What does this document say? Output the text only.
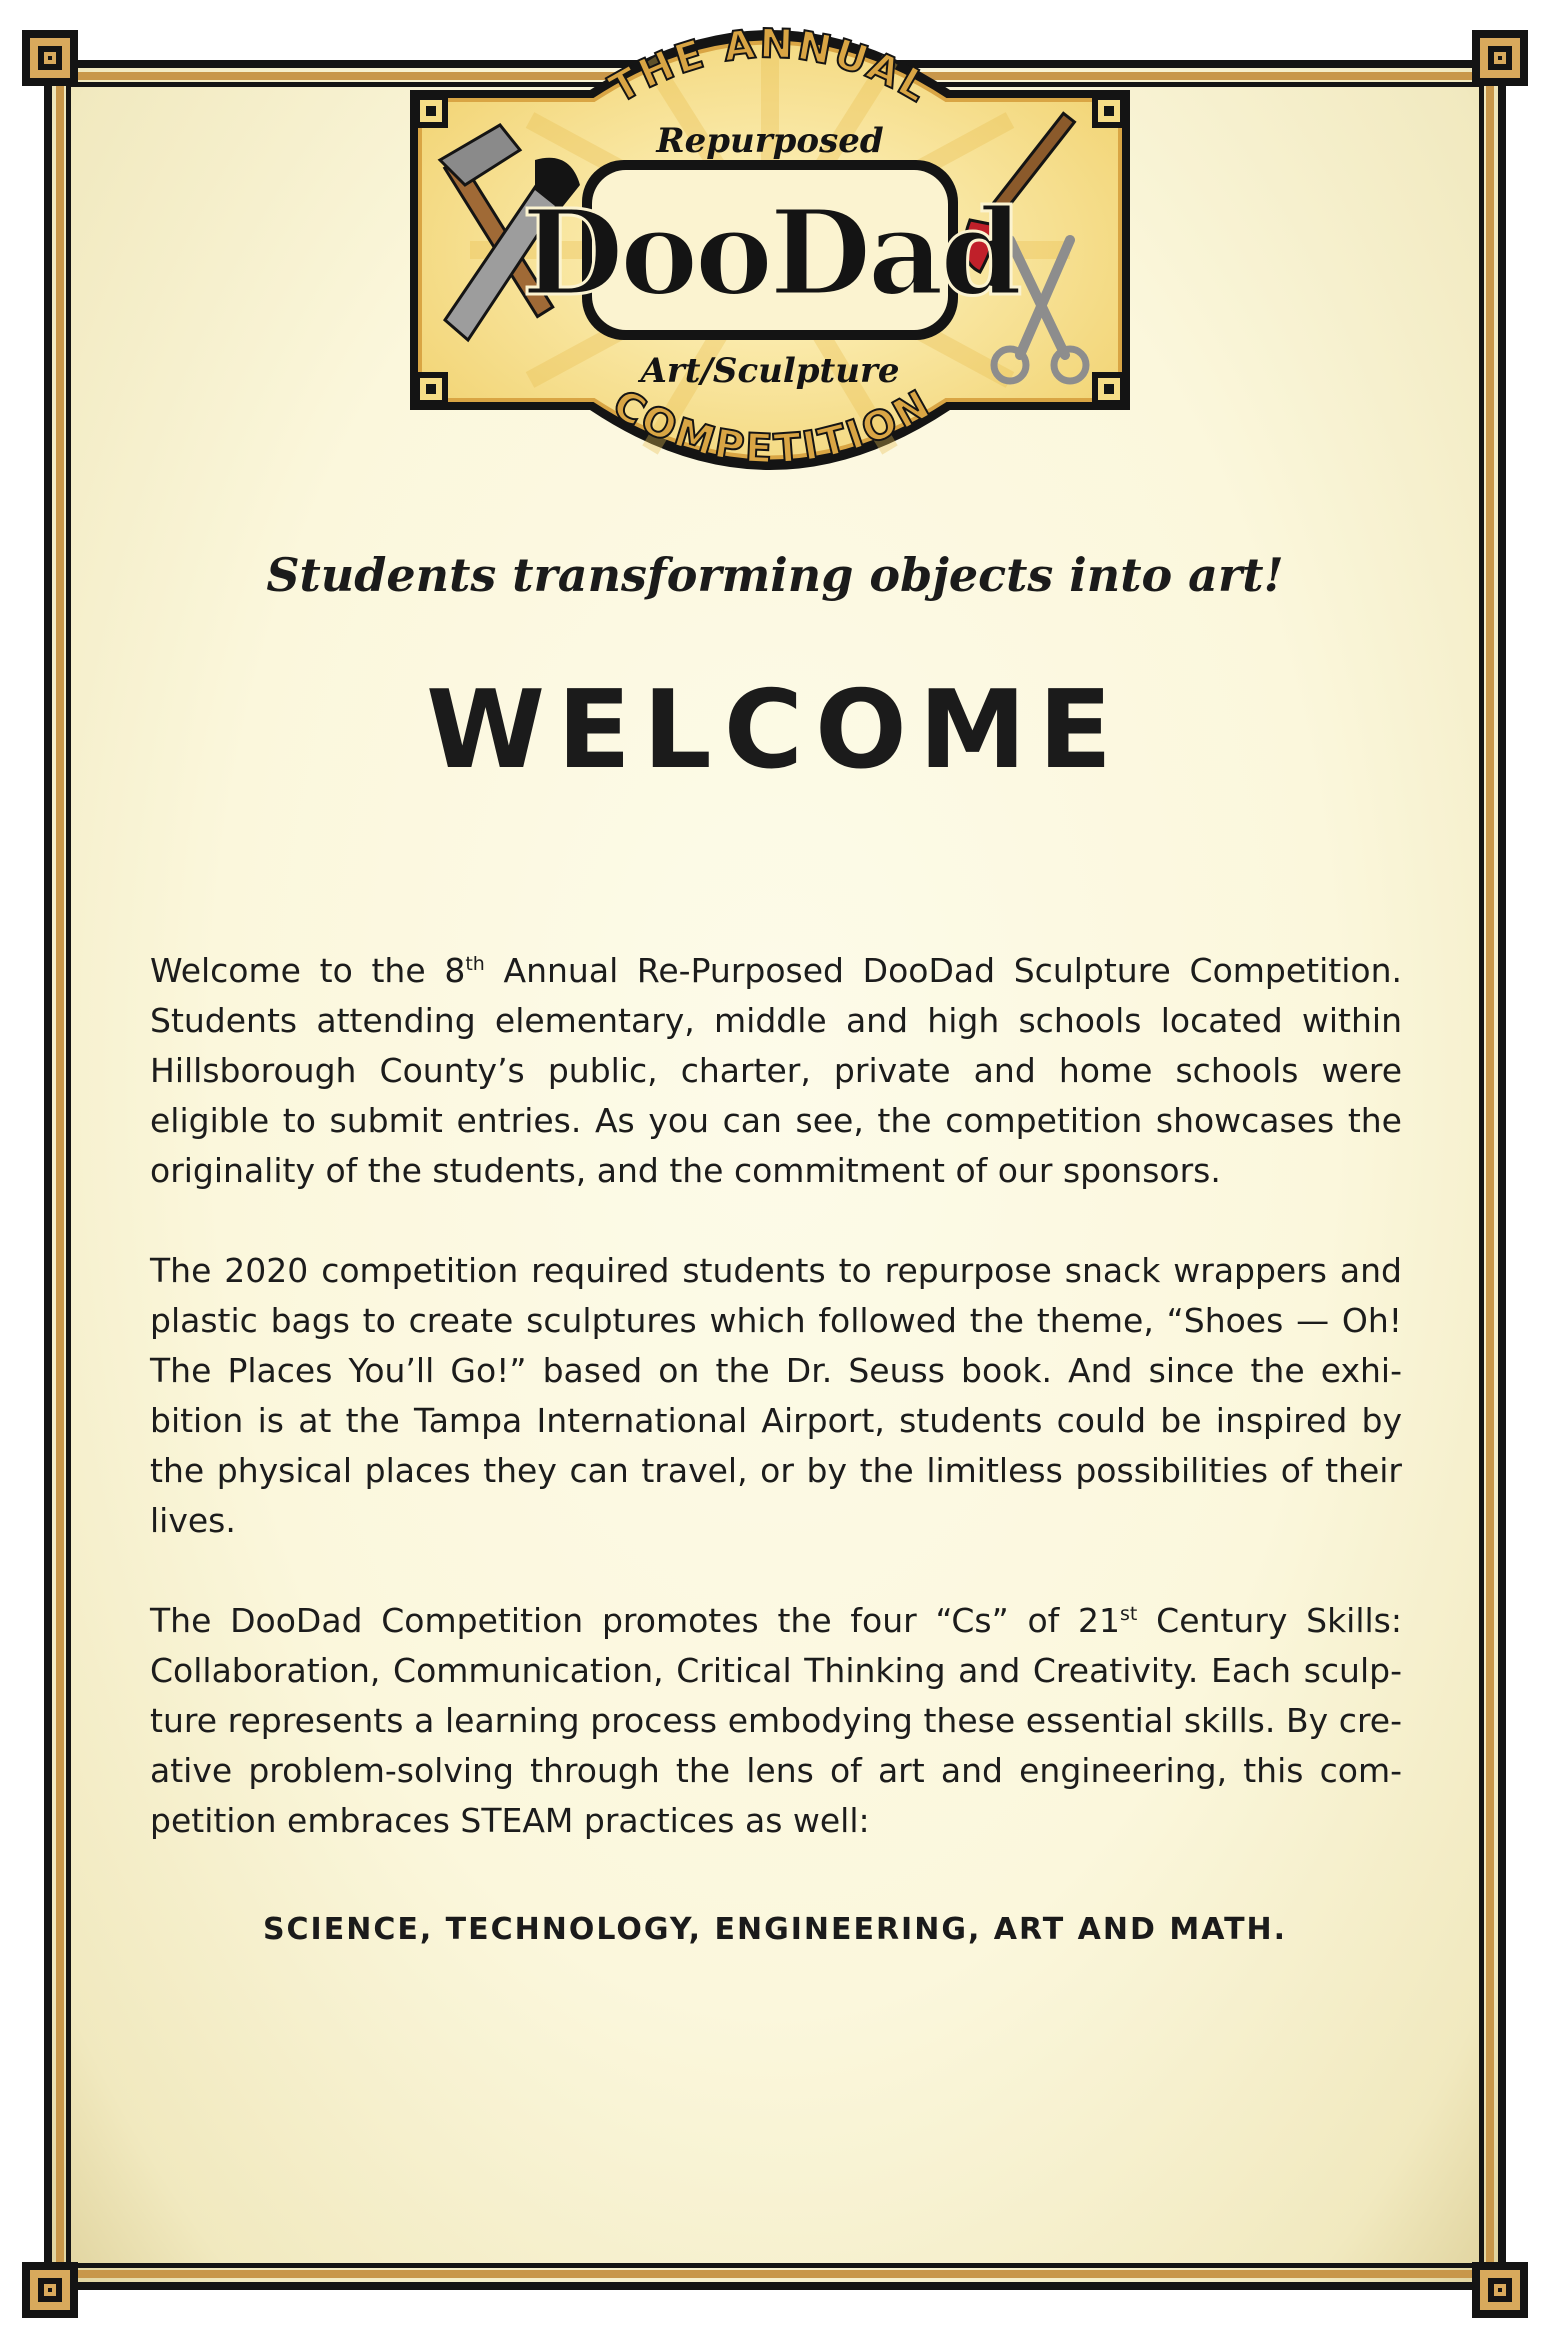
THE ANNUAL
Repurposed
DooDad
Art/Sculpture
COMPETITION
Students transforming objects into art!
WELCOME

Welcome to the 8th Annual Re-Purposed DooDad Sculpture Competition. Students attending elementary, middle and high schools located within Hillsborough County’s public, charter, private and home schools were eligible to submit entries. As you can see, the competition showcases the originality of the students, and the commitment of our sponsors.

The 2020 competition required students to repurpose snack wrappers and plastic bags to create sculptures which followed the theme, “Shoes — Oh! The Places You’ll Go!” based on the Dr. Seuss book. And since the exhi-bition is at the Tampa International Airport, students could be inspired by the physical places they can travel, or by the limitless possibilities of their lives.

The DooDad Competition promotes the four “Cs” of 21st Century Skills: Collaboration, Communication, Critical Thinking and Creativity. Each sculp-ture represents a learning process embodying these essential skills. By cre-ative problem-solving through the lens of art and engineering, this com-petition embraces STEAM practices as well:

SCIENCE, TECHNOLOGY, ENGINEERING, ART AND MATH.
